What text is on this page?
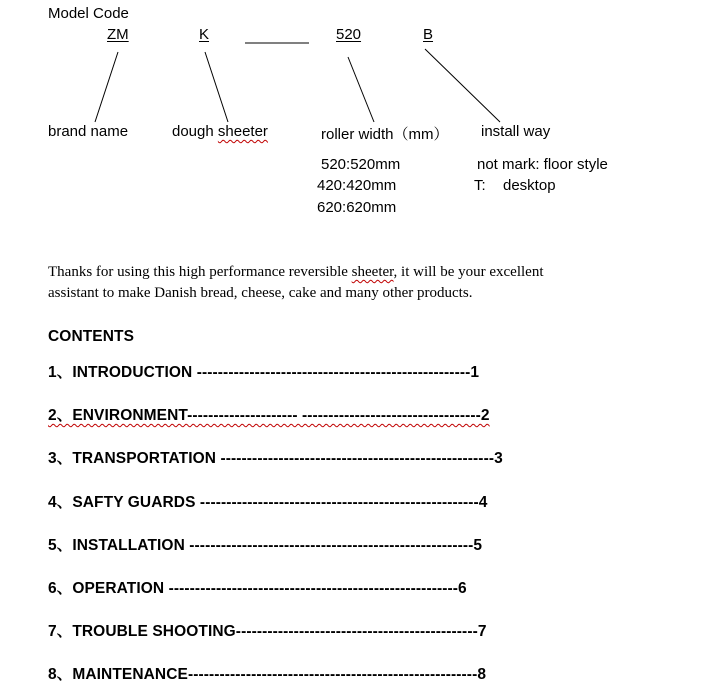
Model Code
ZM	K	520	B
brand name	dough sheeter	roller width（mm） install way
520:520mm
420:420mm
620:620mm
not mark: floor style
T: desktop
Thanks for using this high performance reversible sheeter, it will be your excellent
assistant to make Danish bread, cheese, cake and many other products.
CONTENTS
1、INTRODUCTION ----------------------------------------------------1
2、ENVIRONMENT--------------------- ----------------------------------2
3、TRANSPORTATION ----------------------------------------------------3
4、SAFTY GUARDS -----------------------------------------------------4
5、INSTALLATION ------------------------------------------------------5
6、OPERATION -------------------------------------------------------6
7、TROUBLE SHOOTING----------------------------------------------7
8、MAINTENANCE-------------------------------------------------------8
